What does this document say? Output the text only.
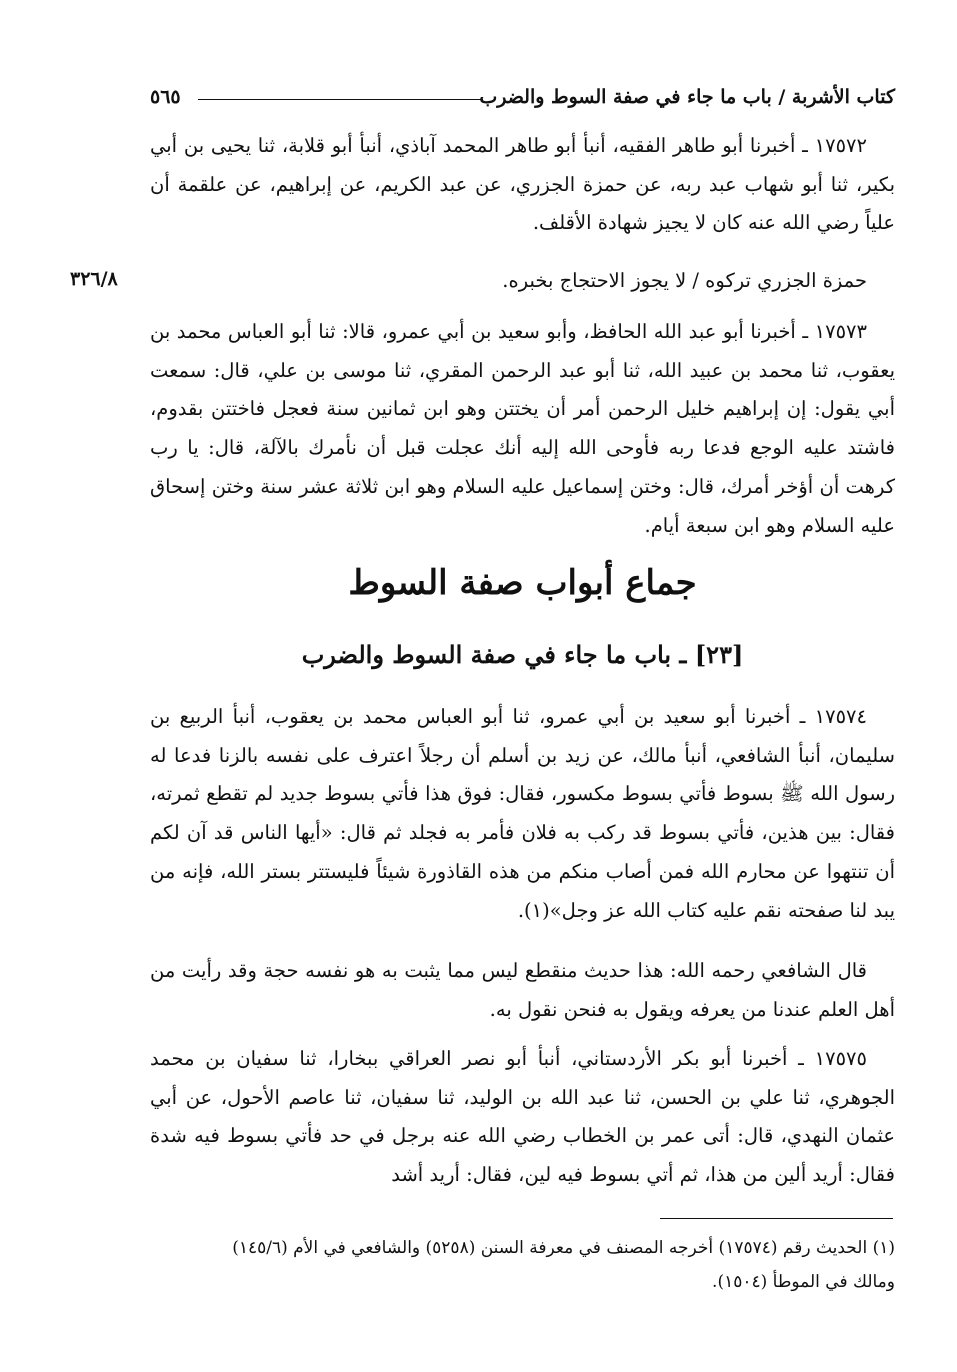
كتاب الأشربة / باب ما جاء في صفة السوط والضرب
٥٦٥

١٧٥٧٢ ـ أخبرنا أبو طاهر الفقيه، أنبأ أبو طاهر المحمد آباذي، أنبأ أبو قلابة، ثنا يحيى بن أبي بكير، ثنا أبو شهاب عبد ربه، عن حمزة الجزري، عن عبد الكريم، عن إبراهيم، عن علقمة أن علياً رضي الله عنه كان لا يجيز شهادة الأقلف.

حمزة الجزري تركوه / لا يجوز الاحتجاج بخبره.

٣٢٦/٨

١٧٥٧٣ ـ أخبرنا أبو عبد الله الحافظ، وأبو سعيد بن أبي عمرو، قالا: ثنا أبو العباس محمد بن يعقوب، ثنا محمد بن عبيد الله، ثنا أبو عبد الرحمن المقري، ثنا موسى بن علي، قال: سمعت أبي يقول: إن إبراهيم خليل الرحمن أمر أن يختتن وهو ابن ثمانين سنة فعجل فاختتن بقدوم، فاشتد عليه الوجع فدعا ربه فأوحى الله إليه أنك عجلت قبل أن نأمرك بالآلة، قال: يا رب كرهت أن أؤخر أمرك، قال: وختن إسماعيل عليه السلام وهو ابن ثلاثة عشر سنة وختن إسحاق عليه السلام وهو ابن سبعة أيام.

جماع أبواب صفة السوط
[٢٣] ـ باب ما جاء في صفة السوط والضرب

١٧٥٧٤ ـ أخبرنا أبو سعيد بن أبي عمرو، ثنا أبو العباس محمد بن يعقوب، أنبأ الربيع بن سليمان، أنبأ الشافعي، أنبأ مالك، عن زيد بن أسلم أن رجلاً اعترف على نفسه بالزنا فدعا له رسول الله ﷺ بسوط فأتي بسوط مكسور، فقال: فوق هذا فأتي بسوط جديد لم تقطع ثمرته، فقال: بين هذين، فأتي بسوط قد ركب به فلان فأمر به فجلد ثم قال: «أيها الناس قد آن لكم أن تنتهوا عن محارم الله فمن أصاب منكم من هذه القاذورة شيئاً فليستتر بستر الله، فإنه من يبد لنا صفحته نقم عليه كتاب الله عز وجل»(١).

قال الشافعي رحمه الله: هذا حديث منقطع ليس مما يثبت به هو نفسه حجة وقد رأيت من أهل العلم عندنا من يعرفه ويقول به فنحن نقول به.

١٧٥٧٥ ـ أخبرنا أبو بكر الأردستاني، أنبأ أبو نصر العراقي ببخارا، ثنا سفيان بن محمد الجوهري، ثنا علي بن الحسن، ثنا عبد الله بن الوليد، ثنا سفيان، ثنا عاصم الأحول، عن أبي عثمان النهدي، قال: أتى عمر بن الخطاب رضي الله عنه برجل في حد فأتي بسوط فيه شدة فقال: أريد ألين من هذا، ثم أتي بسوط فيه لين، فقال: أريد أشد

(١) الحديث رقم (١٧٥٧٤) أخرجه المصنف في معرفة السنن (٥٢٥٨) والشافعي في الأم (١٤٥/٦)
ومالك في الموطأ (١٥٠٤).
